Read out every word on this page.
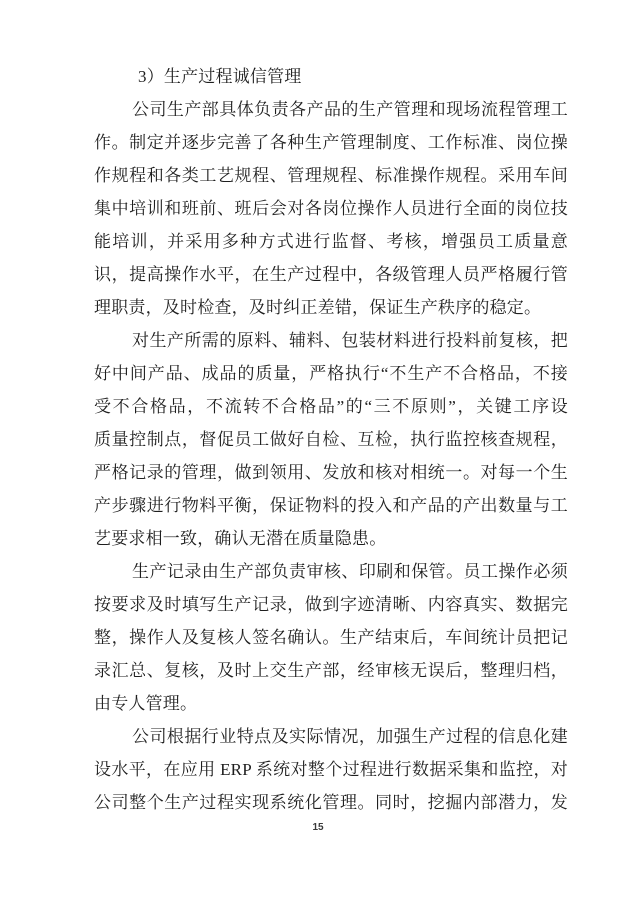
3）生产过程诚信管理
公司生产部具体负责各产品的生产管理和现场流程管理工
作。制定并逐步完善了各种生产管理制度、工作标准、岗位操
作规程和各类工艺规程、管理规程、标准操作规程。采用车间
集中培训和班前、班后会对各岗位操作人员进行全面的岗位技
能培训，并采用多种方式进行监督、考核，增强员工质量意
识，提高操作水平，在生产过程中，各级管理人员严格履行管
理职责，及时检查，及时纠正差错，保证生产秩序的稳定。
对生产所需的原料、辅料、包装材料进行投料前复核，把
好中间产品、成品的质量，严格执行“不生产不合格品，不接
受不合格品，不流转不合格品”的“三不原则”，关键工序设
质量控制点，督促员工做好自检、互检，执行监控核查规程，
严格记录的管理，做到领用、发放和核对相统一。对每一个生
产步骤进行物料平衡，保证物料的投入和产品的产出数量与工
艺要求相一致，确认无潜在质量隐患。
生产记录由生产部负责审核、印刷和保管。员工操作必须
按要求及时填写生产记录，做到字迹清晰、内容真实、数据完
整，操作人及复核人签名确认。生产结束后，车间统计员把记
录汇总、复核，及时上交生产部，经审核无误后，整理归档，
由专人管理。
公司根据行业特点及实际情况，加强生产过程的信息化建
设水平，在应用 ERP 系统对整个过程进行数据采集和监控，对
公司整个生产过程实现系统化管理。同时，挖掘内部潜力，发
15
